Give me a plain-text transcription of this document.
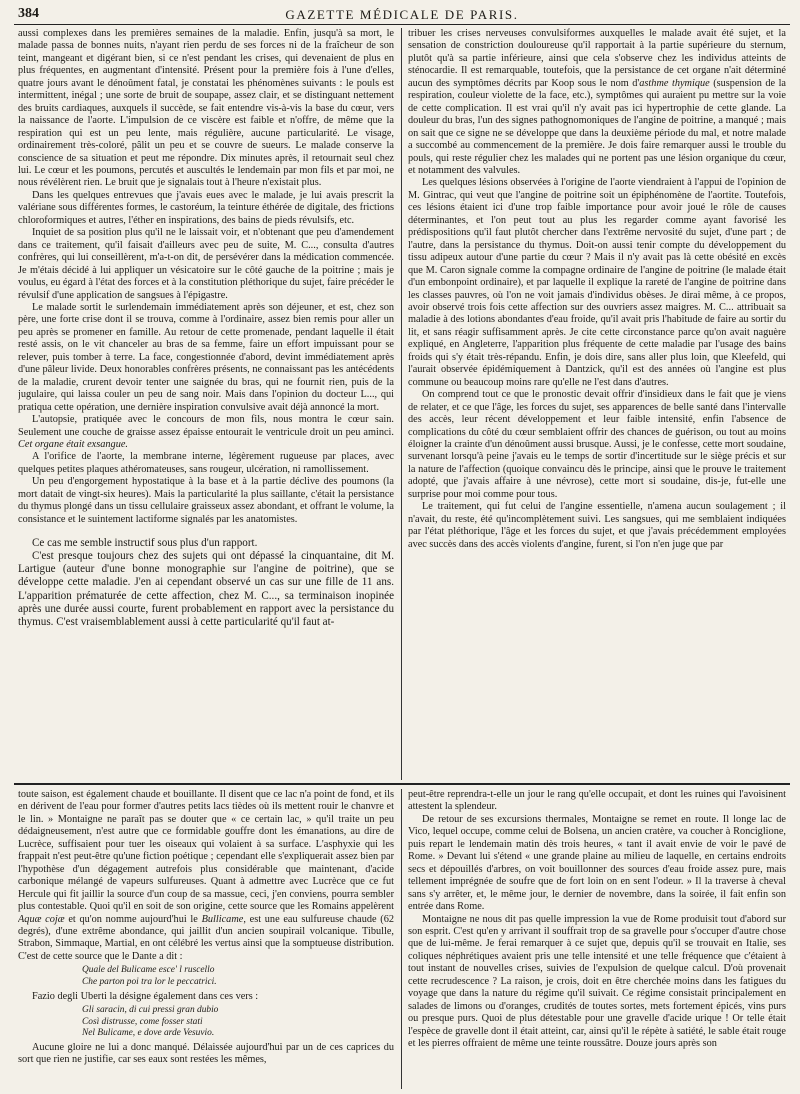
384	GAZETTE MÉDICALE DE PARIS.

aussi complexes dans les premières semaines de la maladie. Enfin, jusqu'à sa mort, le malade passa de bonnes nuits, n'ayant rien perdu de ses forces ni de la fraîcheur de son teint, mangeant et digérant bien, si ce n'est pendant les crises, qui devenaient de plus en plus fréquentes, en augmentant d'intensité. Présent pour la première fois à l'une d'elles, quatre jours avant le dénoûment fatal, je constatai les phénomènes suivants : le pouls est intermittent, inégal ; une sorte de bruit de soupape, assez clair, et se distinguant nettement des bruits cardiaques, auxquels il succède, se fait entendre vis-à-vis la base du cœur, vers la naissance de l'aorte. L'impulsion de ce viscère est faible et n'offre, de même que la respiration qui est un peu lente, mais régulière, aucune particularité. Le visage, ordinairement très-coloré, pâlit un peu et se couvre de sueurs. Le malade conserve la conscience de sa situation et peut me répondre. Dix minutes après, il retournait seul chez lui. Le cœur et les poumons, percutés et auscultés le lendemain par mon fils et par moi, ne nous révélèrent rien. Le bruit que je signalais tout à l'heure n'existait plus.

Dans les quelques entrevues que j'avais eues avec le malade, je lui avais prescrit la valériane sous différentes formes, le castoréum, la teinture éthérée de digitale, des frictions chloroformiques et autres, l'éther en inspirations, des bains de pieds révulsifs, etc.

Inquiet de sa position plus qu'il ne le laissait voir, et n'obtenant que peu d'amendement dans ce traitement, qu'il faisait d'ailleurs avec peu de suite, M. C..., consulta d'autres confrères, qui lui conseillèrent, m'a-t-on dit, de persévérer dans la médication commencée. Je m'étais décidé à lui appliquer un vésicatoire sur le côté gauche de la poitrine ; mais je voulus, eu égard à l'état des forces et à la constitution pléthorique du sujet, faire précéder le révulsif d'une application de sangsues à l'épigastre.

Le malade sortit le surlendemain immédiatement après son déjeuner, et est, chez son père, une forte crise dont il se trouva, comme à l'ordinaire, assez bien remis pour aller un peu après se promener en famille. Au retour de cette promenade, pendant laquelle il était resté assis, on le vit chanceler au bras de sa femme, faire un effort impuissant pour se relever, puis tomber à terre. La face, congestionnée d'abord, devint immédiatement après d'une pâleur livide. Deux honorables confrères présents, ne connaissant pas les antécédents de la maladie, crurent devoir tenter une saignée du bras, qui ne fournit rien, puis de la jugulaire, qui laissa couler un peu de sang noir. Mais dans l'opinion du docteur L..., qui pratiqua cette opération, une dernière inspiration convulsive avait déjà annoncé la mort.

L'autopsie, pratiquée avec le concours de mon fils, nous montra le cœur sain. Seulement une couche de graisse assez épaisse entourait le ventricule droit un peu aminci. Cet organe était exsangue.

A l'orifice de l'aorte, la membrane interne, légèrement rugueuse par places, avec quelques petites plaques athéromateuses, sans rougeur, ulcération, ni ramollissement.

Un peu d'engorgement hypostatique à la base et à la partie déclive des poumons (la mort datait de vingt-six heures). Mais la particularité la plus saillante, c'était la persistance du thymus plongé dans un tissu cellulaire graisseux assez abondant, et offrant le volume, la consistance et le suintement lactiforme signalés par les anatomistes.

Ce cas me semble instructif sous plus d'un rapport.

C'est presque toujours chez des sujets qui ont dépassé la cinquantaine, dit M. Lartigue (auteur d'une bonne monographie sur l'angine de poitrine), que se développe cette maladie. J'en ai cependant observé un cas sur une fille de 11 ans. L'apparition prématurée de cette affection, chez M. C..., sa terminaison inopinée après une durée aussi courte, furent probablement en rapport avec la persistance du thymus. C'est vraisemblablement aussi à cette particularité qu'il faut at-

tribuer les crises nerveuses convulsiformes auxquelles le malade avait été sujet, et la sensation de constriction douloureuse qu'il rapportait à la partie supérieure du sternum, plutôt qu'à sa partie inférieure, ainsi que cela s'observe chez les individus atteints de sténocardie. Il est remarquable, toutefois, que la persistance de cet organe n'ait déterminé aucun des symptômes décrits par Koop sous le nom d'asthme thymique (suspension de la respiration, couleur violette de la face, etc.), symptômes qui auraient pu mettre sur la voie de cette complication. Il est vrai qu'il n'y avait pas ici hypertrophie de cette glande. La douleur du bras, l'un des signes pathognomoniques de l'angine de poitrine, a manqué ; mais on sait que ce signe ne se développe que dans la deuxième période du mal, et notre malade a succombé au commencement de la première. Je dois faire remarquer aussi le trouble du pouls, qui reste régulier chez les malades qui ne portent pas une lésion organique du cœur, et notamment des valvules.

Les quelques lésions observées à l'origine de l'aorte viendraient à l'appui de l'opinion de M. Gintrac, qui veut que l'angine de poitrine soit un épiphénomène de l'aortite. Toutefois, ces lésions étaient ici d'une trop faible importance pour avoir joué le rôle de causes déterminantes, et l'on peut tout au plus les regarder comme ayant favorisé les prédispositions qu'il faut plutôt chercher dans l'extrême nervosité du sujet, d'une part ; de l'autre, dans la persistance du thymus. Doit-on aussi tenir compte du développement du tissu adipeux autour d'une partie du cœur ? Mais il n'y avait pas là cette obésité en excès que M. Caron signale comme la compagne ordinaire de l'angine de poitrine (le malade était d'un embonpoint ordinaire), et par laquelle il explique la rareté de l'angine de poitrine dans les classes pauvres, où l'on ne voit jamais d'individus obèses. Je dirai même, à ce propos, avoir observé trois fois cette affection sur des ouvriers assez maigres. M. C... attribuait sa maladie à des lotions abondantes d'eau froide, qu'il avait pris l'habitude de faire au sortir du lit, et sans réagir suffisamment après. Je cite cette circonstance parce qu'on avait naguère expliqué, en Angleterre, l'apparition plus fréquente de cette maladie par l'usage des bains froids qui s'y était très-répandu. Enfin, je dois dire, sans aller plus loin, que Kleefeld, qui l'aurait observée épidémiquement à Dantzick, qu'il est des années où l'angine est plus commune ou beaucoup moins rare qu'elle ne l'est dans d'autres.

On comprend tout ce que le pronostic devait offrir d'insidieux dans le fait que je viens de relater, et ce que l'âge, les forces du sujet, ses apparences de belle santé dans l'intervalle des accès, leur récent développement et leur faible intensité, enfin l'absence de complications du côté du cœur semblaient offrir des chances de guérison, ou tout au moins éloigner la crainte d'un dénoûment aussi brusque. Aussi, je le confesse, cette mort soudaine, survenant lorsqu'à peine j'avais eu le temps de sortir d'incertitude sur le siège précis et sur la nature de l'affection (quoique convaincu dès le principe, ainsi que le prouve le traitement adopté, que j'avais affaire à une névrose), cette mort si soudaine, dis-je, fut-elle une surprise pour moi comme pour tous.

Le traitement, qui fut celui de l'angine essentielle, n'amena aucun soulagement ; il n'avait, du reste, été qu'incomplètement suivi. Les sangsues, qui me semblaient indiquées par l'état pléthorique, l'âge et les forces du sujet, et que j'avais précédemment employées avec succès dans des accès violents d'angine, furent, si l'on n'en juge que par

toute saison, est également chaude et bouillante. Il disent que ce lac n'a point de fond, et ils en dérivent de l'eau pour former d'autres petits lacs tièdes où ils mettent rouir le chanvre et le lin. » Montaigne ne paraît pas se douter que « ce certain lac, » qu'il traite un peu dédaigneusement, n'est autre que ce formidable gouffre dont les émanations, au dire de Lucrèce, suffisaient pour tuer les oiseaux qui volaient à sa surface. L'asphyxie qui les frappait n'est peut-être qu'une fiction poétique ; cependant elle s'expliquerait assez bien par l'hypothèse d'un dégagement autrefois plus considérable que maintenant, d'acide carbonique mélangé de vapeurs sulfureuses. Quant à admettre avec Lucrèce que ce fut Hercule qui fit jaillir la source d'un coup de sa massue, ceci, j'en conviens, pourra sembler plus contestable. Quoi qu'il en soit de son origine, cette source que les Romains appelèrent Aquæ cojæ et qu'on nomme aujourd'hui le Bullicame, est une eau sulfureuse chaude (62 degrés), d'une extrême abondance, qui jaillit d'un ancien soupirail volcanique. Tibulle, Strabon, Simmaque, Martial, en ont célébré les vertus ainsi que la somptueuse distribution. C'est de cette source que le Dante a dit :

Quale del Bulicame esce' l ruscello
Che parton poi tra lor le peccatrici.

Fazio degli Uberti la désigne également dans ces vers :

Gli saracin, di cui pressi gran dubio
Così distrusse, come fosser stati
Nel Bulicame, e dove arde Vesuvio.

Aucune gloire ne lui a donc manqué. Délaissée aujourd'hui par un de ces caprices du sort que rien ne justifie, car ses eaux sont restées les mêmes,

peut-être reprendra-t-elle un jour le rang qu'elle occupait, et dont les ruines qui l'avoisinent attestent la splendeur.

De retour de ses excursions thermales, Montaigne se remet en route. Il longe lac de Vico, lequel occupe, comme celui de Bolsena, un ancien cratère, va coucher à Ronciglione, puis repart le lendemain matin dès trois heures, « tant il avait envie de voir le pavé de Rome. » Devant lui s'étend « une grande plaine au milieu de laquelle, en certains endroits secs et dépouillés d'arbres, on voit bouillonner des sources d'eau froide assez pure, mais tellement imprégnée de soufre que de fort loin on en sent l'odeur. » Il la traverse à cheval sans s'y arrêter, et, le même jour, le dernier de novembre, dans la soirée, il fait enfin son entrée dans Rome.

Montaigne ne nous dit pas quelle impression la vue de Rome produisit tout d'abord sur son esprit. C'est qu'en y arrivant il souffrait trop de sa gravelle pour s'occuper d'autre chose que de lui-même. Je ferai remarquer à ce sujet que, depuis qu'il se trouvait en Italie, ses coliques néphrétiques avaient pris une telle intensité et une telle fréquence que c'étaient à tout instant de nouvelles crises, suivies de l'expulsion de quelque calcul. D'où provenait cette recrudescence ? La raison, je crois, doit en être cherchée moins dans les fatigues du voyage que dans la nature du régime qu'il suivait. Ce régime consistait principalement en salades de limons ou d'oranges, crudités de toutes sortes, mets fortement épicés, vins purs ou presque purs. Quoi de plus détestable pour une gravelle d'acide urique ! Or telle était l'espèce de gravelle dont il était atteint, car, ainsi qu'il le répète à satiété, le sable était rouge et les pierres offraient de même une teinte roussâtre. Douze jours après son
